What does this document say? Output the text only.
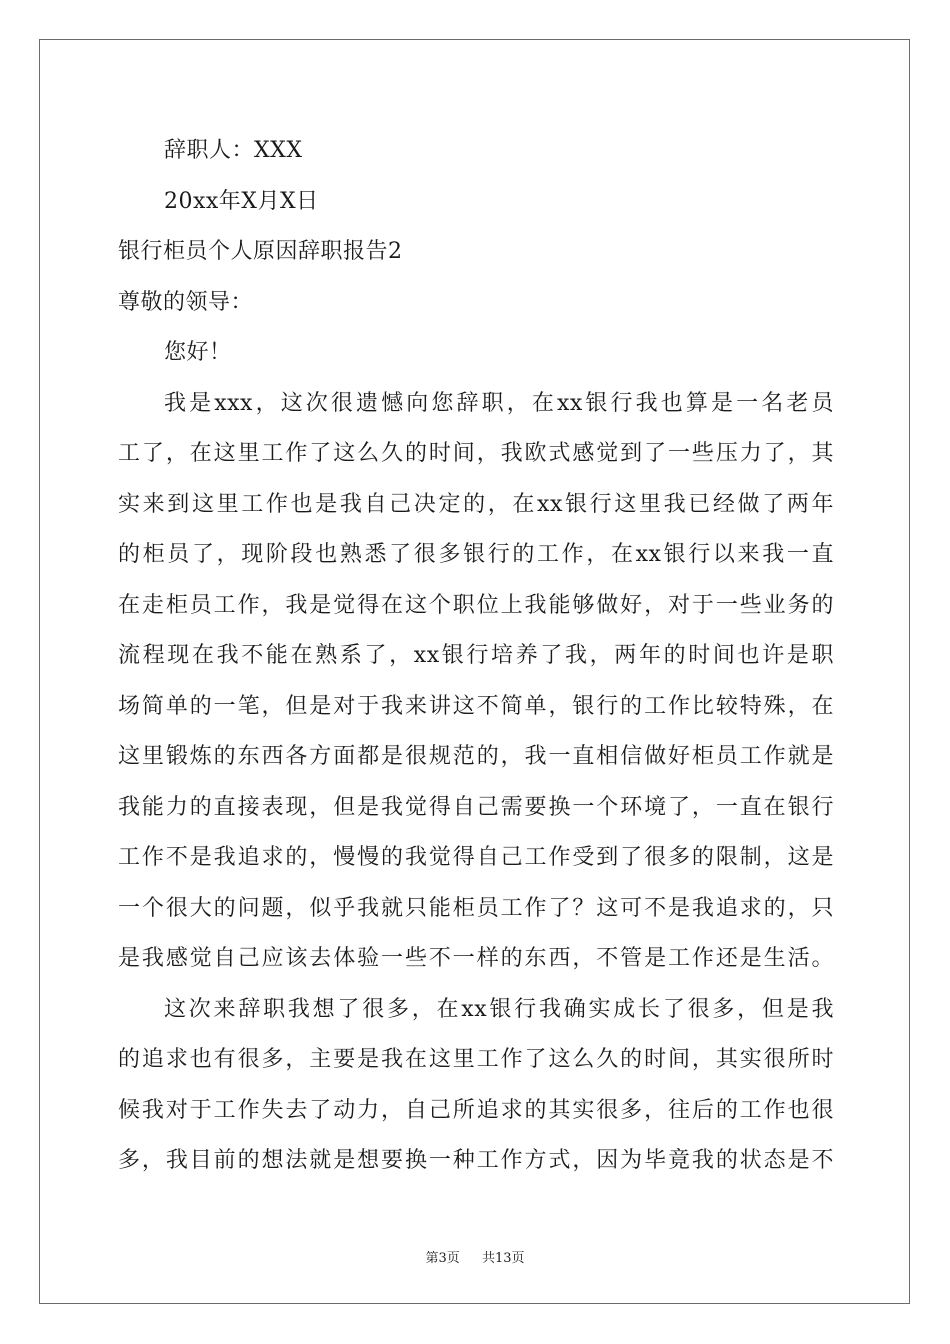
辞职人：XXX
20xx年X月X日
银行柜员个人原因辞职报告2
尊敬的领导：
您好！
我是xxx，这次很遗憾向您辞职，在xx银行我也算是一名老员
工了，在这里工作了这么久的时间，我欧式感觉到了一些压力了，其
实来到这里工作也是我自己决定的，在xx银行这里我已经做了两年
的柜员了，现阶段也熟悉了很多银行的工作，在xx银行以来我一直
在走柜员工作，我是觉得在这个职位上我能够做好，对于一些业务的
流程现在我不能在熟系了，xx银行培养了我，两年的时间也许是职
场简单的一笔，但是对于我来讲这不简单，银行的工作比较特殊，在
这里锻炼的东西各方面都是很规范的，我一直相信做好柜员工作就是
我能力的直接表现，但是我觉得自己需要换一个环境了，一直在银行
工作不是我追求的，慢慢的我觉得自己工作受到了很多的限制，这是
一个很大的问题，似乎我就只能柜员工作了？这可不是我追求的，只
是我感觉自己应该去体验一些不一样的东西，不管是工作还是生活。
这次来辞职我想了很多，在xx银行我确实成长了很多，但是我
的追求也有很多，主要是我在这里工作了这么久的时间，其实很所时
候我对于工作失去了动力，自己所追求的其实很多，往后的工作也很
多，我目前的想法就是想要换一种工作方式，因为毕竟我的状态是不
第3页 共13页
